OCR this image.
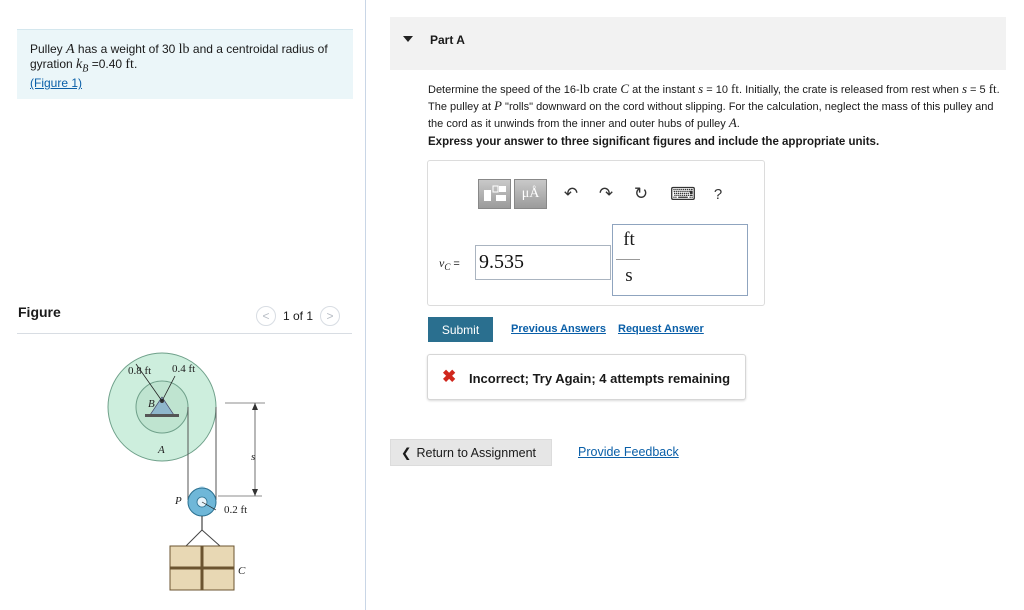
Pulley A has a weight of 30 lb and a centroidal radius of gyration $k_B =0.40$ ft.
(Figure 1)
Figure	<	1 of 1	>
0.8 ft 0.4 ft
B
A
s
P
0.2 ft
C
Part A
Determine the speed of the 16-lb crate C at the instant s = 10 ft. Initially, the crate is released from rest when s = 5 ft. The pulley at P "rolls" downward on the cord without slipping. For the calculation, neglect the mass of this pulley and the cord as it unwinds from the inner and outer hubs of pulley A.
Express your answer to three significant figures and include the appropriate units.
μÅ ↶ ↷ ↻ ⌨	?
$v_C$ =
9.535
ft
s
Submit	Previous Answers Request Answer
✖ Incorrect; Try Again; 4 attempts remaining
❮ Return to Assignment	Provide Feedback
